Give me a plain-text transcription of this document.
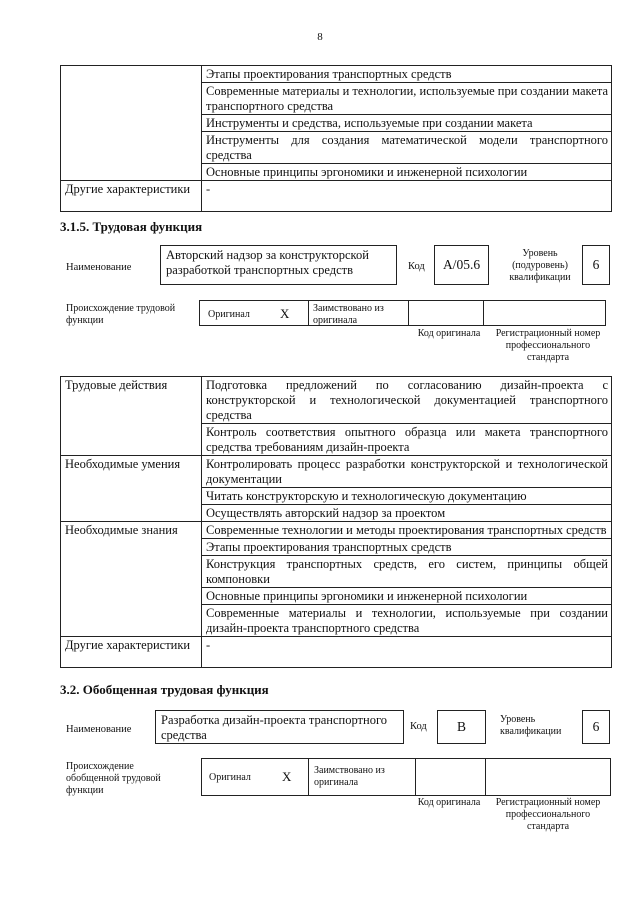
8
	Этапы проектирования транспортных средств
	Современные материалы и технологии, используемые при создании макета транспортного средства
	Инструменты и средства, используемые при создании макета
	Инструменты для создания математической модели транспортного средства
	Основные принципы эргономики и инженерной психологии
Другие характеристики	-
3.1.5. Трудовая функция
Наименование
Авторский надзор за конструкторской разработкой транспортных средств	Код	A/05.6
Уровень (подуровень) квалификации
6
Происхождение трудовой функции
Оригинал X Заимствовано из оригинала
Код оригинала	Регистрационный номер профессионального стандарта
Трудовые действия	Подготовка предложений по согласованию дизайн-проекта с конструкторской и технологической документацией транспортного средства
	Контроль соответствия опытного образца или макета транспортного средства требованиям дизайн-проекта
Необходимые умения	Контролировать процесс разработки конструкторской и технологической документации
	Читать конструкторскую и технологическую документацию
	Осуществлять авторский надзор за проектом
Необходимые знания	Современные технологии и методы проектирования транспортных средств
	Этапы проектирования транспортных средств
	Конструкция транспортных средств, его систем, принципы общей компоновки
	Основные принципы эргономики и инженерной психологии
	Современные материалы и технологии, используемые при создании дизайн-проекта транспортного средства
Другие характеристики	-
3.2. Обобщенная трудовая функция
Наименование
Разработка дизайн-проекта транспортного средства
Код	B	Уровень квалификации	6
Происхождение обобщенной трудовой функции
Оригинал X Заимствовано из оригинала
Код оригинала	Регистрационный номер профессионального стандарта
